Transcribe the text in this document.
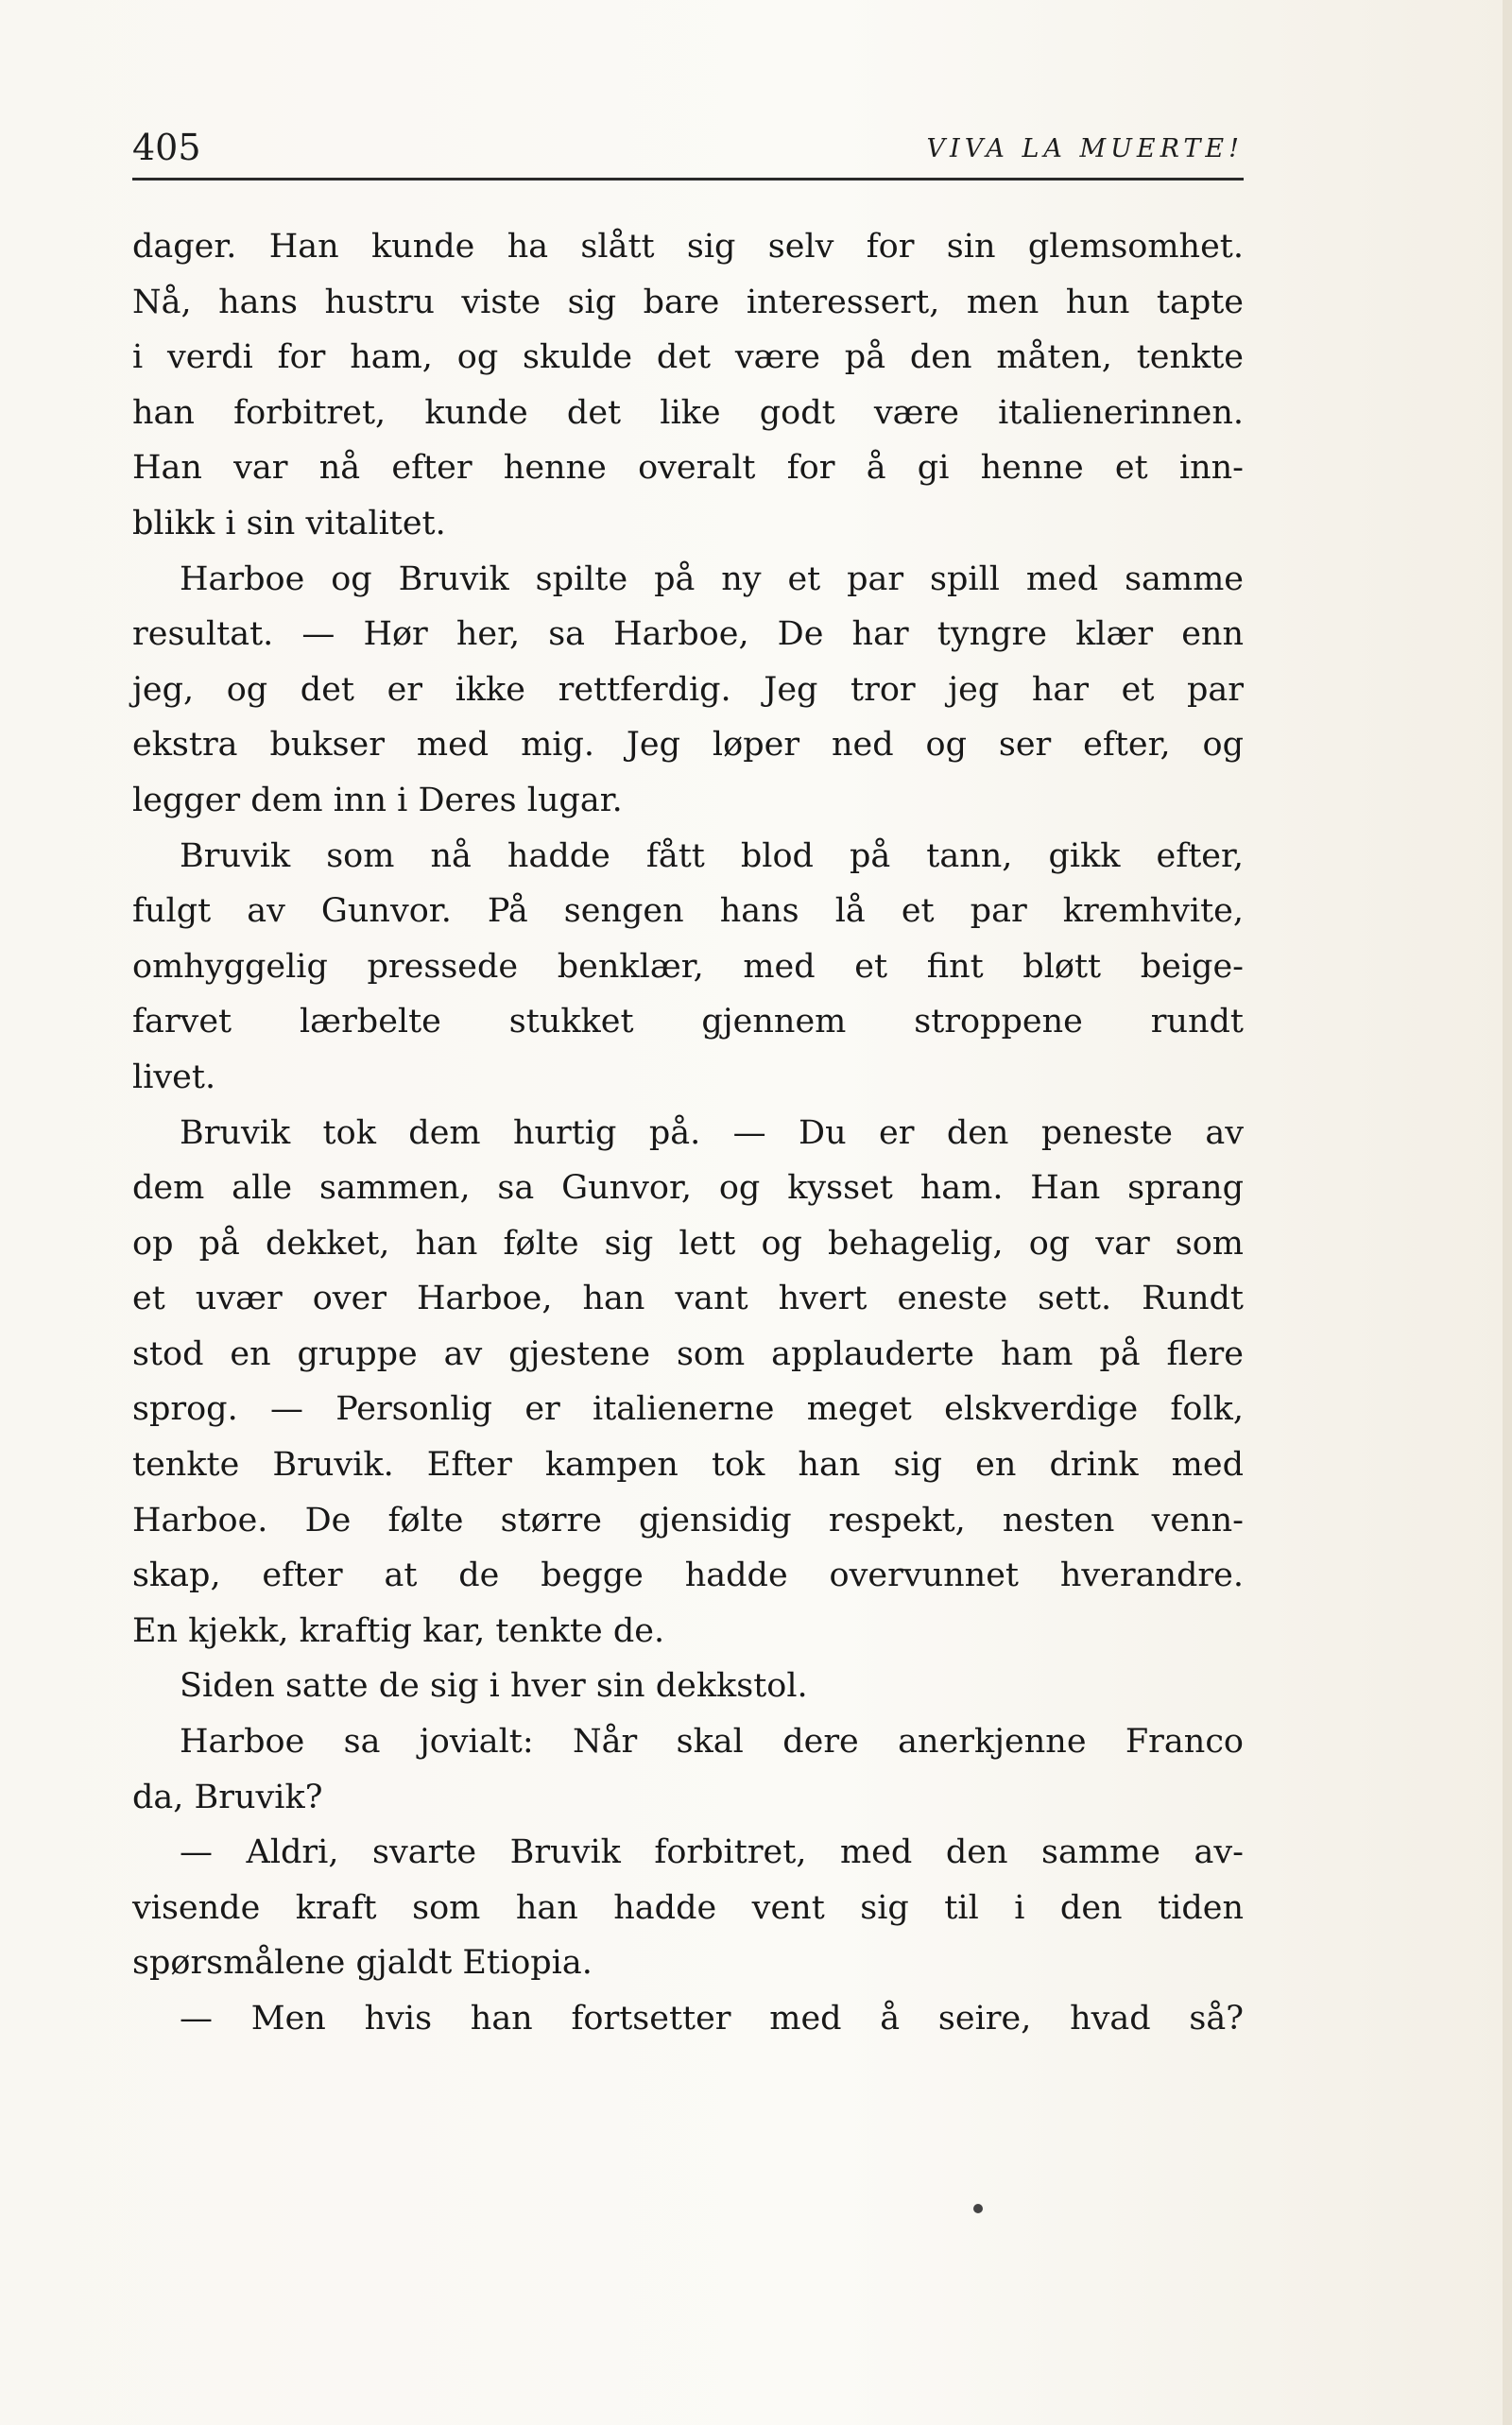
405	VIVA LA MUERTE!
dager. Han kunde ha slått sig selv for sin glemsomhet.
Nå, hans hustru viste sig bare interessert, men hun tapte
i verdi for ham, og skulde det være på den måten, tenkte
han forbitret, kunde det like godt være italienerinnen.
Han var nå efter henne overalt for å gi henne et inn-
blikk i sin vitalitet.
Harboe og Bruvik spilte på ny et par spill med samme
resultat. — Hør her, sa Harboe, De har tyngre klær enn
jeg, og det er ikke rettferdig. Jeg tror jeg har et par
ekstra bukser med mig. Jeg løper ned og ser efter, og
legger dem inn i Deres lugar.
Bruvik som nå hadde fått blod på tann, gikk efter,
fulgt av Gunvor. På sengen hans lå et par kremhvite,
omhyggelig pressede benklær, med et fint bløtt beige-
farvet lærbelte stukket gjennem stroppene rundt
livet.
Bruvik tok dem hurtig på. — Du er den peneste av
dem alle sammen, sa Gunvor, og kysset ham. Han sprang
op på dekket, han følte sig lett og behagelig, og var som
et uvær over Harboe, han vant hvert eneste sett. Rundt
stod en gruppe av gjestene som applauderte ham på flere
sprog. — Personlig er italienerne meget elskverdige folk,
tenkte Bruvik. Efter kampen tok han sig en drink med
Harboe. De følte større gjensidig respekt, nesten venn-
skap, efter at de begge hadde overvunnet hverandre.
En kjekk, kraftig kar, tenkte de.
Siden satte de sig i hver sin dekkstol.
Harboe sa jovialt: Når skal dere anerkjenne Franco
da, Bruvik?
— Aldri, svarte Bruvik forbitret, med den samme av-
visende kraft som han hadde vent sig til i den tiden
spørsmålene gjaldt Etiopia.
— Men hvis han fortsetter med å seire, hvad så?
